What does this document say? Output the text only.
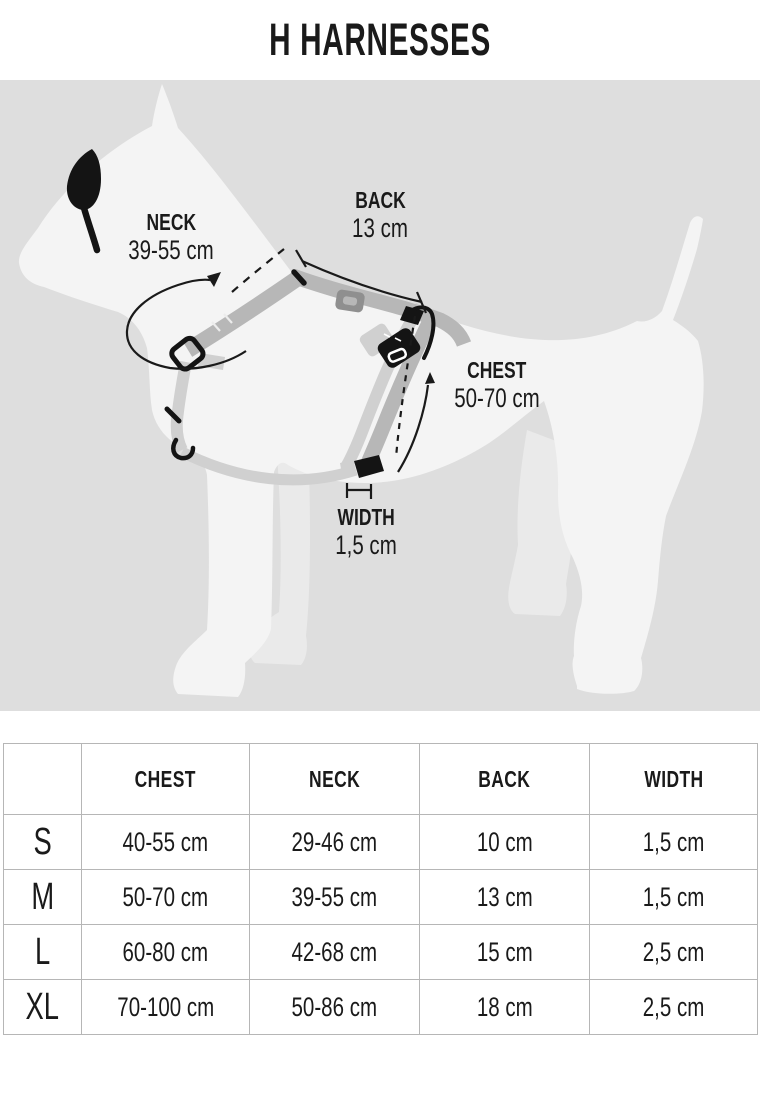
H HARNESSES
NECK
39-55 cm
BACK
13 cm
CHEST
50-70 cm
WIDTH
1,5 cm
	CHEST	NECK	BACK	WIDTH
S	40-55 cm	29-46 cm	10 cm	1,5 cm
M	50-70 cm	39-55 cm	13 cm	1,5 cm
L	60-80 cm	42-68 cm	15 cm	2,5 cm
XL	70-100 cm	50-86 cm	18 cm	2,5 cm
